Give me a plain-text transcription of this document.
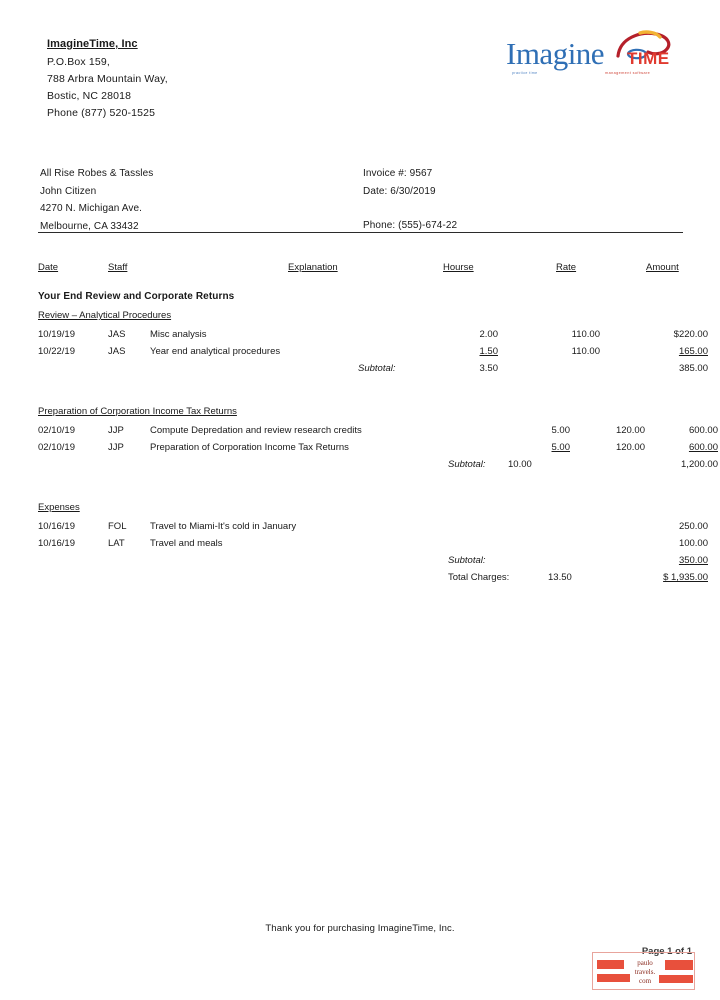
ImagineTime, Inc
P.O.Box 159,
788 Arbra Mountain Way,
Bostic, NC 28018
Phone (877) 520-1525
Imagine TIME
practice time	management software
All Rise Robes & Tassles
John Citizen
4270 N. Michigan Ave.
Melbourne, CA 33432
Invoice #: 9567
Date: 6/30/2019
Phone: (555)-674-22
Date	Staff	Explanation	Hourse	Rate	Amount
Your End Review and Corporate Returns
Review – Analytical Procedures
10/19/19	JAS	Misc analysis	2.00	110.00	$220.00
10/22/19	JAS	Year end analytical procedures	1.50	110.00	165.00
Subtotal:	3.50	385.00
Preparation of Corporation Income Tax Returns
02/10/19	JJP	Compute Depredation and review research credits	5.00	120.00	600.00
02/10/19	JJP	Preparation of Corporation Income Tax Returns	5.00	120.00	600.00
Subtotal: 10.00	1,200.00
Expenses
10/16/19	FOL	Travel to Miami-It's cold in January	250.00
10/16/19	LAT	Travel and meals	100.00
Subtotal:	350.00
Total Charges:	13.50	$ 1,935.00
Thank you for purchasing ImagineTime, Inc.
Page 1 of 1
paulo
travels.
com
